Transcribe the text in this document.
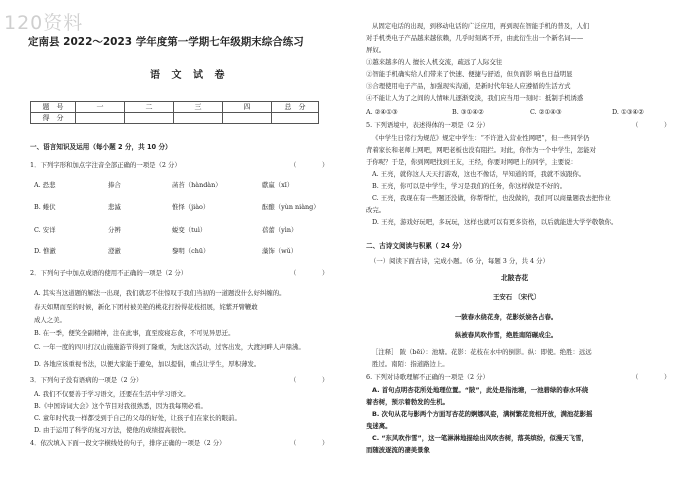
120资料
定南县 2022～2023 学年度第一学期七年级期末综合练习
语 文 试 卷
题　号	一	二	三	四	总　分
得　分					
一、语言知识及运用（每小题 2 分，共 10 分）
1．下列字形和加点字注音全部正确的一项是（2 分）	（　　　　）
A. 恐悲	捧合	菡苔（hàndàn）	獻羸（xī）
B. 蜷伏	悲滅	惟怿（jiào）	酝酿（yùn niàng）
C. 安详	分辨	蜕变（tuì）	蓓蕾（yìn）
D. 憔澈	澄澈	黎明（chū）	藻饰（wǔ）
2．下列句子中加点成语的使用不正确的一项是（2 分）	（　　　　）
A. 其实当这道题的解法一出现，我们就忍不住惊叹于我们当初的一道题没什么好纠缠的。
春天如期而至的时候，新化下团村被美艳的桃花打扮得花枝招展，姹紫开臂鞭敢
成人之美。
B. 在一季，便笑全副精神，注在此事，直至废寝忘食，不可见异思迁。
C. 一年一度的四川打汉山施施游节得到了隆重，为此这次活动，过客出发，大渡河畔人声鼎沸。
D. 各地应该重视书法，以便大家能于避免，加以提倡，重点让学生，厚积薄发。
3．下列句子没有语病的一项是（2 分）	（　　　　）
A. 我们不仅要善于学习语文，还要在生活中学习语文。
B.《中国诗词大会》这个节目对我很熟悉，因为我每期必看。
C. 童年时代我一样都受到于自己的父母的好处，让孩子们在家长的眼前。
D. 由于运用了科学的复习方法，使他的成绩提高很快。
4．依次填入下面一段文字横线处的句子，排序正确的一项是（2 分）	（　　　　）
从固定电话的出现，到移动电话的广泛应用，再到现在智能手机的普及，人们
对手机类电子产品越来越依赖，几乎时刻离不开，由此衍生出一个新名词——
屏奴。
①越来越多的人 擅长人机交流，疏远了人际交往
②智能手机确实给人们带来了快速、便捷与舒适，但负面影 响也日益明显
③合理使用电子产品，加强现实沟通，是新时代年轻人应遵循的生活方式
④不能让人为了之间的人情味儿逐渐变淡，我们应当用一刻时：抵制手机诱惑
A. ②④①③	B. ③①④②	C. ②①④③	D. ①③④②
5. 下列语境中，表述得体的一项是（2 分）	（　　　　）
《中学生日常行为规范》规定中学生：“不许进入营业性网吧”，但一些同学仍
背着家长和老师上网吧，网吧老板也没有阻拦。对此，你作为一个中学生，怎能对
于你呢？于是，你到网吧找到王友，王经，你要对网吧上的同学，主要说：
A. 王亮，就你这人天天打游戏，这也不像话，早知道的哥，我就不该跟你。
B. 王亮，你可以是中学生，学习是我们的任务，你这样做是不好的。
C. 王亮，我现在有一些题还没做，你帮帮忙，也没做的，我们可以商量题我去把作业
改完。
D. 王亮，游戏好玩吧，多玩玩，这样也就可以有更多资格，以后就能进大学学敬敬你。
二、古诗文阅读与积累（ 24 分）
（一）阅读下面古诗，完成小题。（6 分，每题 3 分，共 4 分）
北陂杏花
王安石 〔宋代〕
一陂春水绕花身，花影妖娆各占春。
纵被春风吹作雪，绝胜南陌碾成尘。
［注释］ 陂（bēi）：池塘。花影：花枝在水中的倒影。纵：即使。绝胜：远远
胜过。南陌：指道路边上。
6. 下列对诗歌理解不正确的一项是（2 分）	（　　　　）
A. 首句点明杏花所处地理位置。“陂”，此处是指池塘，一池碧绿的春水环绕
着杏树，预示着勃发的生机。
B. 次句从花与影两个方面写杏花的婀娜风姿，满树繁花竞相开放，满池花影摇
曳迷离。
C. “东风吹作雪”，这一笔淋淋地描绘出风吹杏树，落英缤纷，似漫天飞雪，
而随波逐流的凄美景象
